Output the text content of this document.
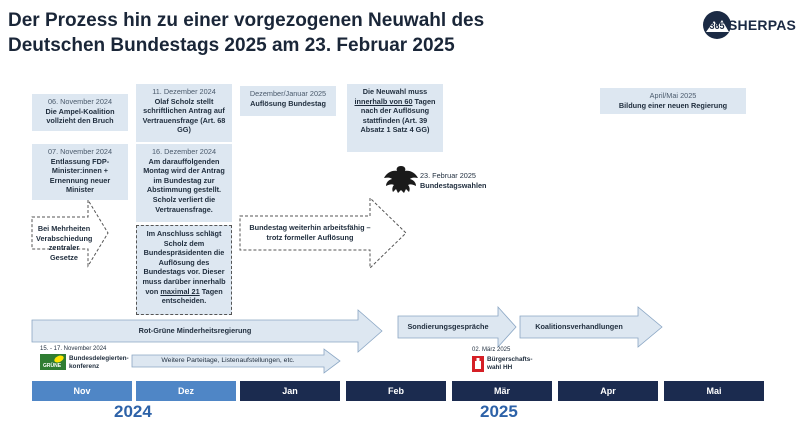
Der Prozess hin zu einer vorgezogenen Neuwahl des
Deutschen Bundestags 2025 am 23. Februar 2025
365 SHERPAS
GRÜNE
06. November 2024
Die Ampel-Koalition vollzieht den Bruch
07. November 2024
Entlassung FDP-Minister:innen + Ernennung neuer Minister
11. Dezember 2024
Olaf Scholz stellt schriftlichen Antrag auf Vertrauensfrage (Art. 68 GG)
16. Dezember 2024
Am darauffolgenden Montag wird der Antrag im Bundestag zur Abstimmung gestellt. Scholz verliert die Vertrauensfrage.
Im Anschluss schlägt Scholz dem Bundespräsidenten die Auflösung des Bundestags vor. Dieser muss darüber innerhalb von maximal 21 Tagen entscheiden.
Dezember/Januar 2025
Auflösung Bundestag
Die Neuwahl muss innerhalb von 60 Tagen nach der Auflösung stattfinden (Art. 39 Absatz 1 Satz 4 GG)
23. Februar 2025
Bundestagswahlen
April/Mai 2025
Bildung einer neuen Regierung
Bei Mehrheiten Verabschiedung zentraler Gesetze
Bundestag weiterhin arbeitsfähig – trotz formeller Auflösung
Rot-Grüne Minderheitsregierung	Sondierungsgespräche	Koalitionsverhandlungen
Weitere Parteitage, Listenaufstellungen, etc.
15. - 17. November 2024
Bundesdelegierten-konferenz
02. März 2025
Bürgerschafts-wahl HH
Nov	Dez	Jan	Feb	Mär	Apr	Mai
2024	2025
